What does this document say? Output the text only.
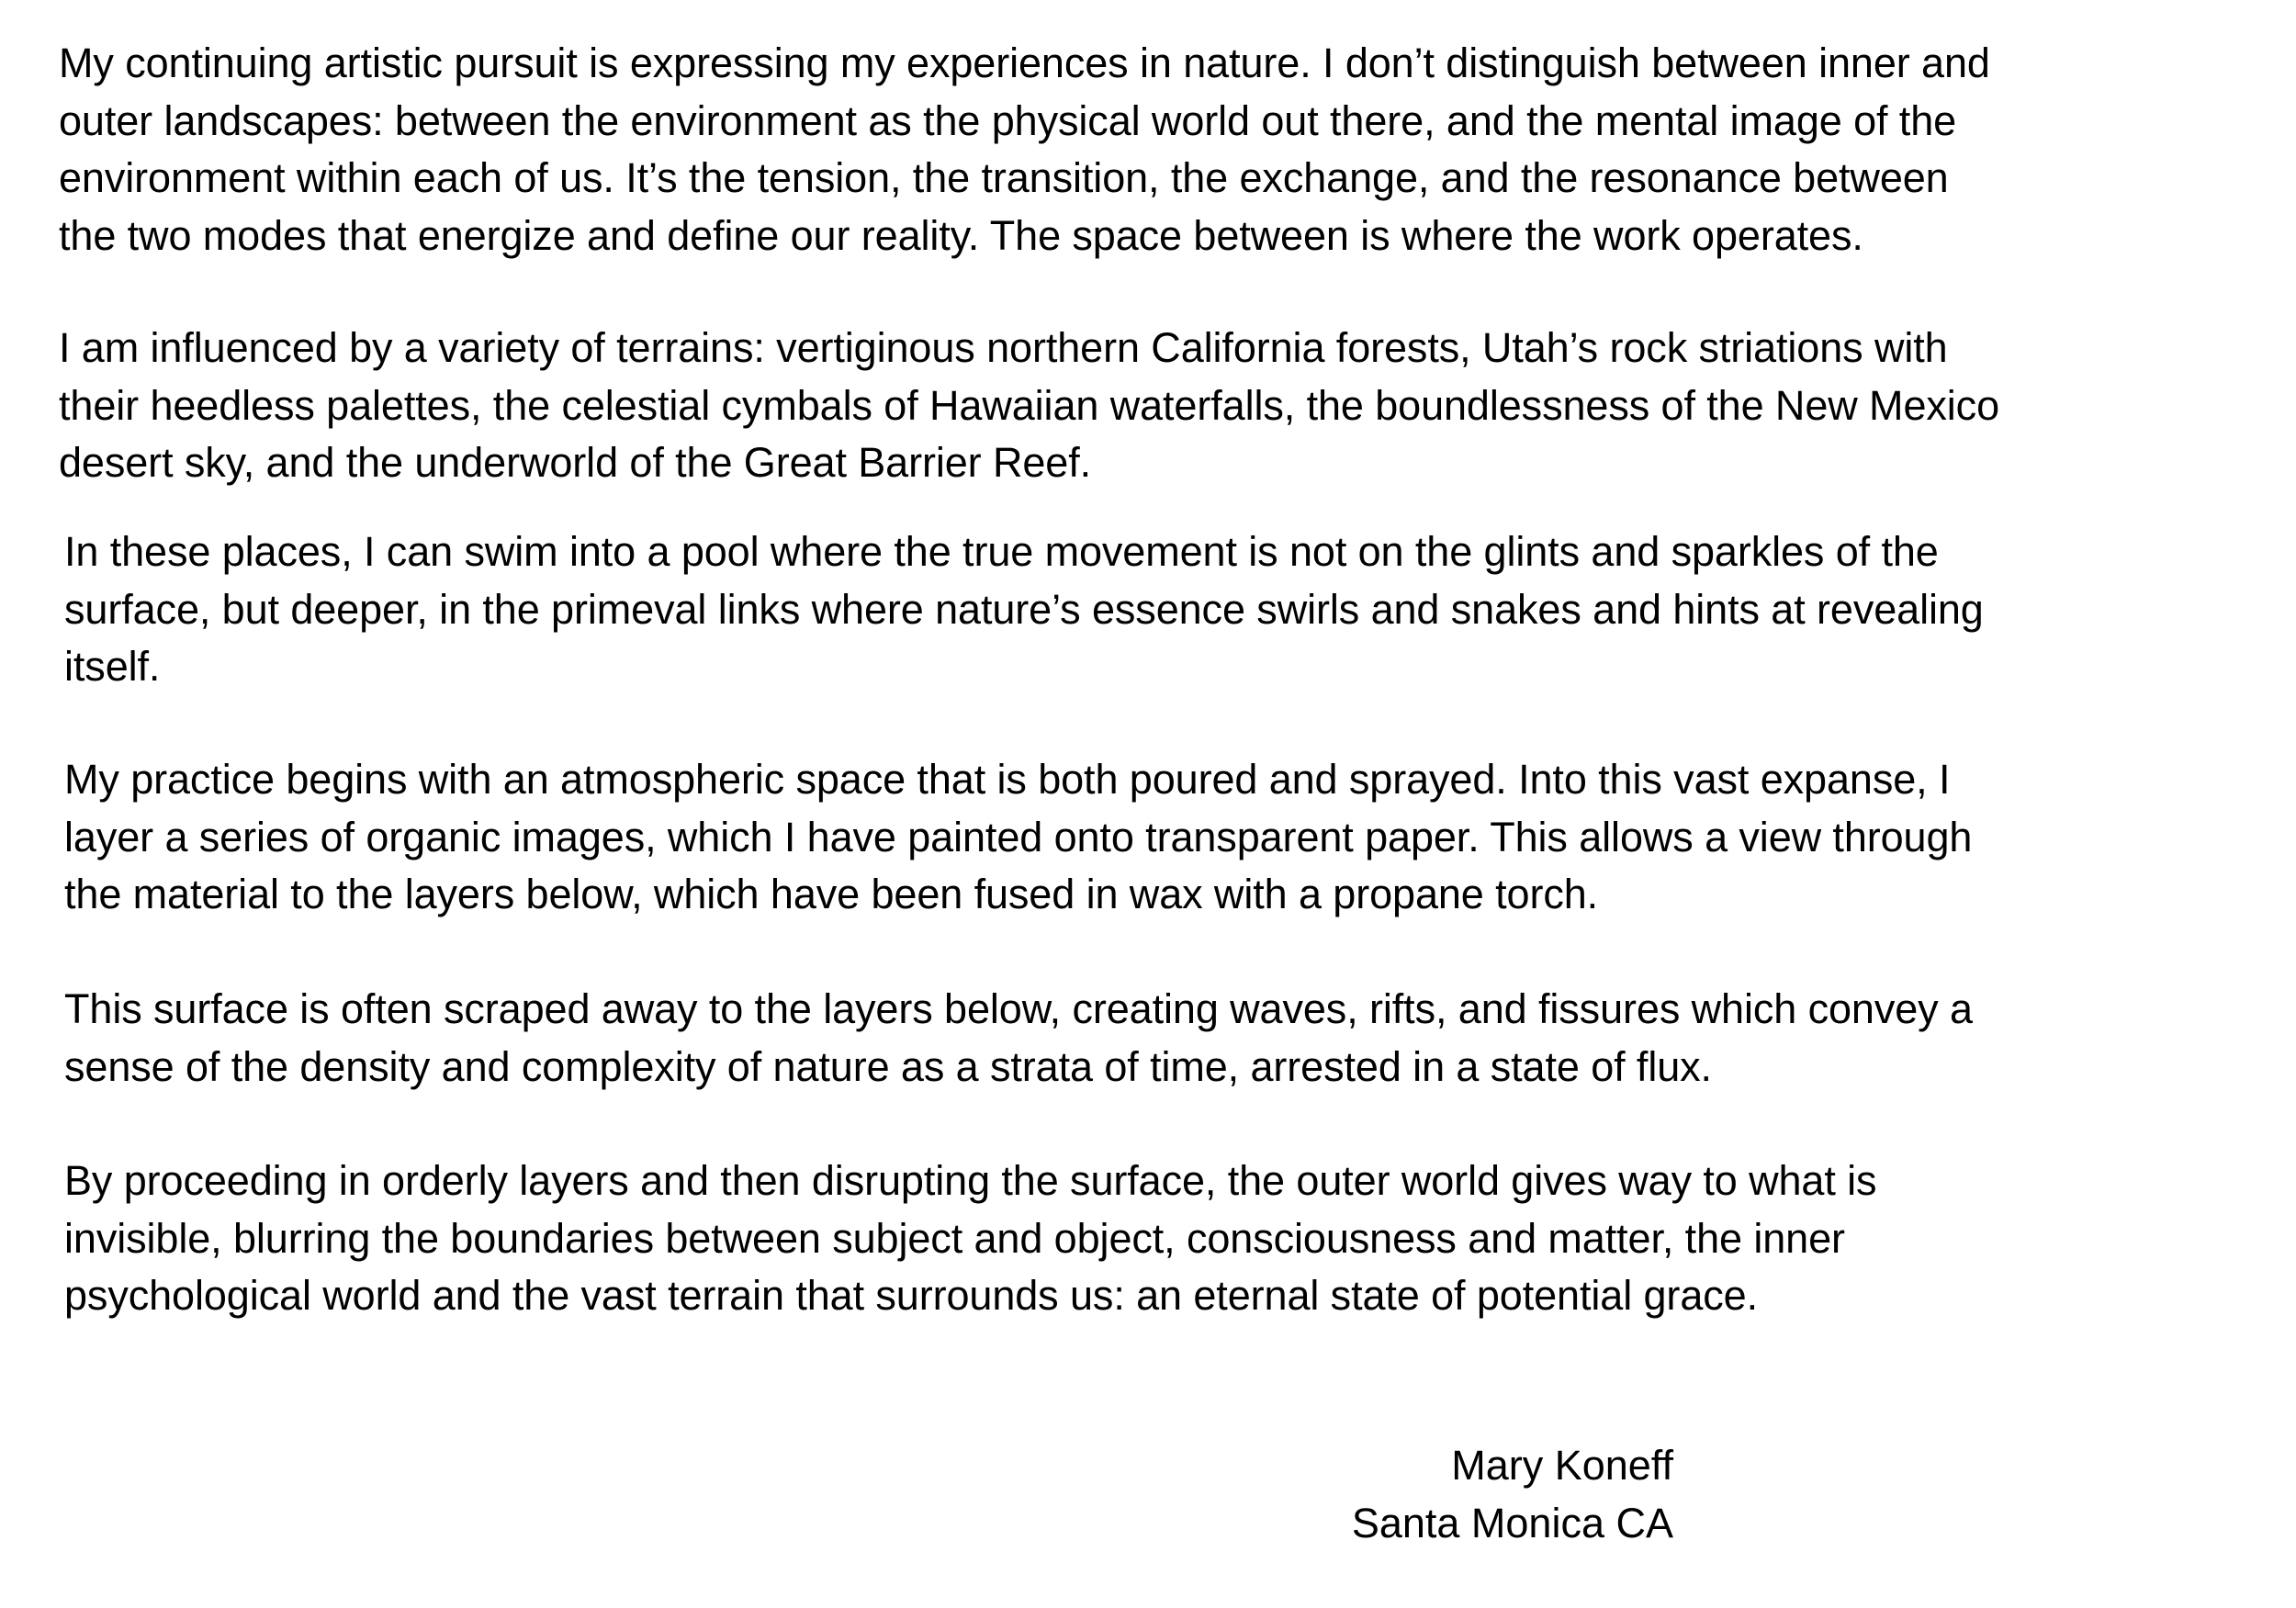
My continuing artistic pursuit is expressing my experiences in nature. I don’t distinguish between inner and
outer landscapes: between the environment as the physical world out there, and the mental image of the
environment within each of us. It’s the tension, the transition, the exchange, and the resonance between
the two modes that energize and define our reality. The space between is where the work operates.

I am influenced by a variety of terrains: vertiginous northern California forests, Utah’s rock striations with
their heedless palettes, the celestial cymbals of Hawaiian waterfalls, the boundlessness of the New Mexico
desert sky, and the underworld of the Great Barrier Reef.

In these places, I can swim into a pool where the true movement is not on the glints and sparkles of the
surface, but deeper, in the primeval links where nature’s essence swirls and snakes and hints at revealing
itself.

My practice begins with an atmospheric space that is both poured and sprayed. Into this vast expanse, I
layer a series of organic images, which I have painted onto transparent paper. This allows a view through
the material to the layers below, which have been fused in wax with a propane torch.

This surface is often scraped away to the layers below, creating waves, rifts, and fissures which convey a
sense of the density and complexity of nature as a strata of time, arrested in a state of flux.

By proceeding in orderly layers and then disrupting the surface, the outer world gives way to what is
invisible, blurring the boundaries between subject and object, consciousness and matter, the inner
psychological world and the vast terrain that surrounds us: an eternal state of potential grace.

Mary Koneff
Santa Monica CA
